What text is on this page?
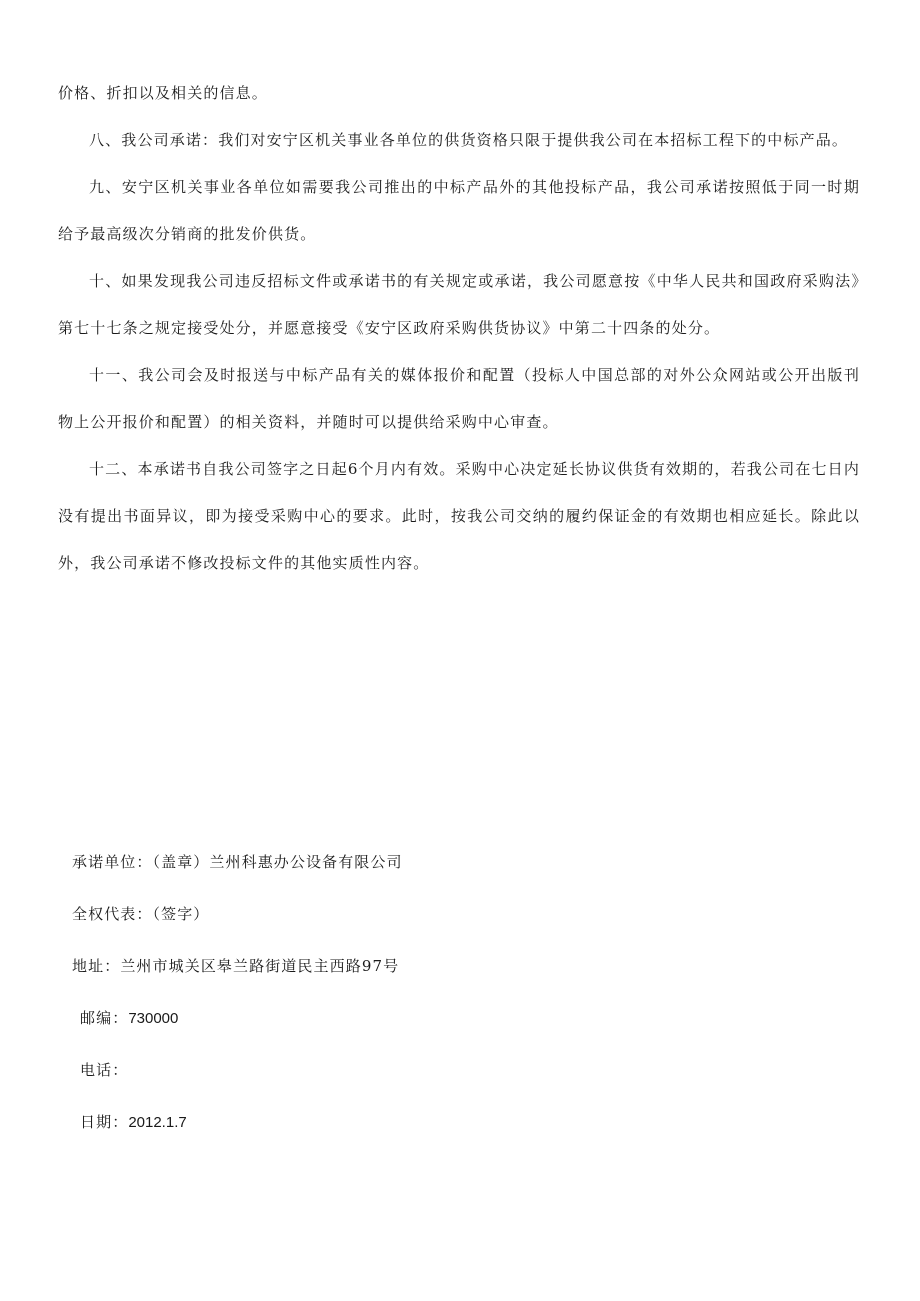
价格、折扣以及相关的信息。

八、我公司承诺：我们对安宁区机关事业各单位的供货资格只限于提供我公司在本招标工程下的中标产品。

九、安宁区机关事业各单位如需要我公司推出的中标产品外的其他投标产品，我公司承诺按照低于同一时期给予最高级次分销商的批发价供货。

十、如果发现我公司违反招标文件或承诺书的有关规定或承诺，我公司愿意按《中华人民共和国政府采购法》第七十七条之规定接受处分，并愿意接受《安宁区政府采购供货协议》中第二十四条的处分。

十一、我公司会及时报送与中标产品有关的媒体报价和配置（投标人中国总部的对外公众网站或公开出版刊物上公开报价和配置）的相关资料，并随时可以提供给采购中心审查。

十二、本承诺书自我公司签字之日起6个月内有效。采购中心决定延长协议供货有效期的，若我公司在七日内没有提出书面异议，即为接受采购中心的要求。此时，按我公司交纳的履约保证金的有效期也相应延长。除此以外，我公司承诺不修改投标文件的其他实质性内容。

承诺单位：（盖章）兰州科惠办公设备有限公司
全权代表：（签字）
地址：兰州市城关区皋兰路街道民主西路97号
邮编：730000
电话：
日期：2012.1.7
